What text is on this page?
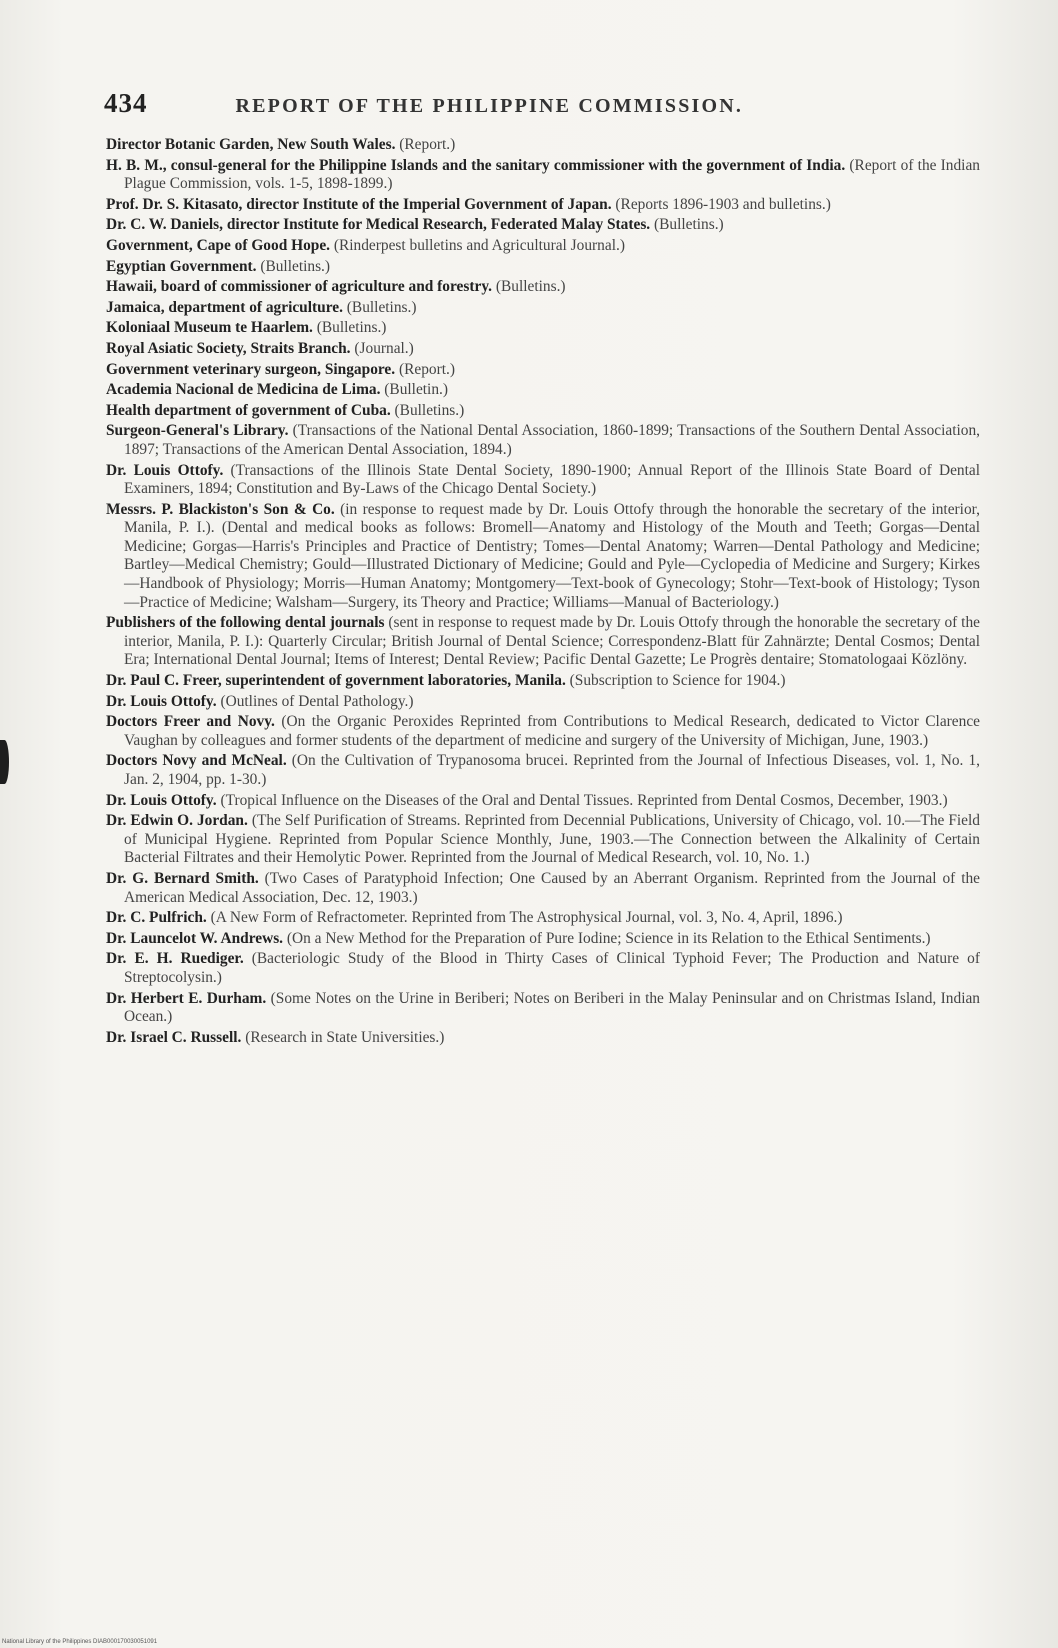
434	REPORT OF THE PHILIPPINE COMMISSION.

Director Botanic Garden, New South Wales. (Report.)

H. B. M., consul-general for the Philippine Islands and the sanitary commissioner with the government of India. (Report of the Indian Plague Commission, vols. 1-5, 1898-1899.)

Prof. Dr. S. Kitasato, director Institute of the Imperial Government of Japan. (Reports 1896-1903 and bulletins.)

Dr. C. W. Daniels, director Institute for Medical Research, Federated Malay States. (Bulletins.)

Government, Cape of Good Hope. (Rinderpest bulletins and Agricultural Journal.)

Egyptian Government. (Bulletins.)

Hawaii, board of commissioner of agriculture and forestry. (Bulletins.)

Jamaica, department of agriculture. (Bulletins.)

Koloniaal Museum te Haarlem. (Bulletins.)

Royal Asiatic Society, Straits Branch. (Journal.)

Government veterinary surgeon, Singapore. (Report.)

Academia Nacional de Medicina de Lima. (Bulletin.)

Health department of government of Cuba. (Bulletins.)

Surgeon-General's Library. (Transactions of the National Dental Association, 1860-1899; Transactions of the Southern Dental Association, 1897; Transactions of the American Dental Association, 1894.)

Dr. Louis Ottofy. (Transactions of the Illinois State Dental Society, 1890-1900; Annual Report of the Illinois State Board of Dental Examiners, 1894; Constitution and By-Laws of the Chicago Dental Society.)

Messrs. P. Blackiston's Son & Co. (in response to request made by Dr. Louis Ottofy through the honorable the secretary of the interior, Manila, P. I.). (Dental and medical books as follows: Bromell—Anatomy and Histology of the Mouth and Teeth; Gorgas—Dental Medicine; Gorgas—Harris's Principles and Practice of Dentistry; Tomes—Dental Anatomy; Warren—Dental Pathology and Medicine; Bartley—Medical Chemistry; Gould—Illustrated Dictionary of Medicine; Gould and Pyle—Cyclopedia of Medicine and Surgery; Kirkes—Handbook of Physiology; Morris—Human Anatomy; Montgomery—Text-book of Gynecology; Stohr—Text-book of Histology; Tyson—Practice of Medicine; Walsham—Surgery, its Theory and Practice; Williams—Manual of Bacteriology.)

Publishers of the following dental journals (sent in response to request made by Dr. Louis Ottofy through the honorable the secretary of the interior, Manila, P. I.): Quarterly Circular; British Journal of Dental Science; Correspondenz-Blatt für Zahnärzte; Dental Cosmos; Dental Era; International Dental Journal; Items of Interest; Dental Review; Pacific Dental Gazette; Le Progrès dentaire; Stomatologaai Közlöny.

Dr. Paul C. Freer, superintendent of government laboratories, Manila. (Subscription to Science for 1904.)

Dr. Louis Ottofy. (Outlines of Dental Pathology.)

Doctors Freer and Novy. (On the Organic Peroxides Reprinted from Contributions to Medical Research, dedicated to Victor Clarence Vaughan by colleagues and former students of the department of medicine and surgery of the University of Michigan, June, 1903.)

Doctors Novy and McNeal. (On the Cultivation of Trypanosoma brucei. Reprinted from the Journal of Infectious Diseases, vol. 1, No. 1, Jan. 2, 1904, pp. 1-30.)

Dr. Louis Ottofy. (Tropical Influence on the Diseases of the Oral and Dental Tissues. Reprinted from Dental Cosmos, December, 1903.)

Dr. Edwin O. Jordan. (The Self Purification of Streams. Reprinted from Decennial Publications, University of Chicago, vol. 10.—The Field of Municipal Hygiene. Reprinted from Popular Science Monthly, June, 1903.—The Connection between the Alkalinity of Certain Bacterial Filtrates and their Hemolytic Power. Reprinted from the Journal of Medical Research, vol. 10, No. 1.)

Dr. G. Bernard Smith. (Two Cases of Paratyphoid Infection; One Caused by an Aberrant Organism. Reprinted from the Journal of the American Medical Association, Dec. 12, 1903.)

Dr. C. Pulfrich. (A New Form of Refractometer. Reprinted from The Astrophysical Journal, vol. 3, No. 4, April, 1896.)

Dr. Launcelot W. Andrews. (On a New Method for the Preparation of Pure Iodine; Science in its Relation to the Ethical Sentiments.)

Dr. E. H. Ruediger. (Bacteriologic Study of the Blood in Thirty Cases of Clinical Typhoid Fever; The Production and Nature of Streptocolysin.)

Dr. Herbert E. Durham. (Some Notes on the Urine in Beriberi; Notes on Beriberi in the Malay Peninsular and on Christmas Island, Indian Ocean.)

Dr. Israel C. Russell. (Research in State Universities.)

National Library of the Philippines DIAB000170030051091
